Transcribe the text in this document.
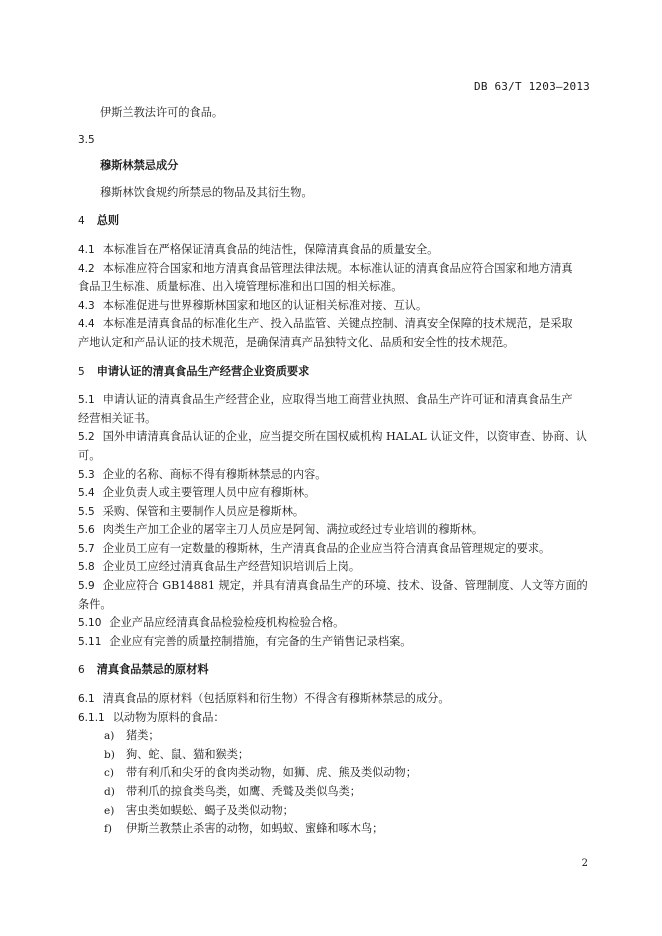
DB 63/T 1203—2013

伊斯兰教法许可的食品。

3.5

穆斯林禁忌成分

穆斯林饮食规约所禁忌的物品及其衍生物。

4 总则

4.1 本标准旨在严格保证清真食品的纯洁性，保障清真食品的质量安全。

4.2 本标准应符合国家和地方清真食品管理法律法规。本标准认证的清真食品应符合国家和地方清真
食品卫生标准、质量标准、出入境管理标准和出口国的相关标准。

4.3 本标准促进与世界穆斯林国家和地区的认证相关标准对接、互认。

4.4 本标准是清真食品的标准化生产、投入品监管、关键点控制、清真安全保障的技术规范，是采取
产地认定和产品认证的技术规范，是确保清真产品独特文化、品质和安全性的技术规范。

5 申请认证的清真食品生产经营企业资质要求

5.1 申请认证的清真食品生产经营企业，应取得当地工商营业执照、食品生产许可证和清真食品生产
经营相关证书。

5.2 国外申请清真食品认证的企业，应当提交所在国权威机构 HALAL 认证文件，以资审查、协商、认
可。

5.3 企业的名称、商标不得有穆斯林禁忌的内容。

5.4 企业负责人或主要管理人员中应有穆斯林。

5.5 采购、保管和主要制作人员应是穆斯林。

5.6 肉类生产加工企业的屠宰主刀人员应是阿訇、满拉或经过专业培训的穆斯林。

5.7 企业员工应有一定数量的穆斯林，生产清真食品的企业应当符合清真食品管理规定的要求。

5.8 企业员工应经过清真食品生产经营知识培训后上岗。

5.9 企业应符合 GB14881 规定，并具有清真食品生产的环境、技术、设备、管理制度、人文等方面的
条件。

5.10 企业产品应经清真食品检验检疫机构检验合格。

5.11 企业应有完善的质量控制措施，有完备的生产销售记录档案。

6 清真食品禁忌的原材料

6.1 清真食品的原材料（包括原料和衍生物）不得含有穆斯林禁忌的成分。

6.1.1 以动物为原料的食品：

a) 猪类；
b) 狗、蛇、鼠、猫和猴类；
c) 带有利爪和尖牙的食肉类动物，如狮、虎、熊及类似动物；
d) 带利爪的掠食类鸟类，如鹰、秃鹫及类似鸟类；
e) 害虫类如蜈蚣、蝎子及类似动物；
f) 伊斯兰教禁止杀害的动物，如蚂蚁、蜜蜂和啄木鸟；
2
